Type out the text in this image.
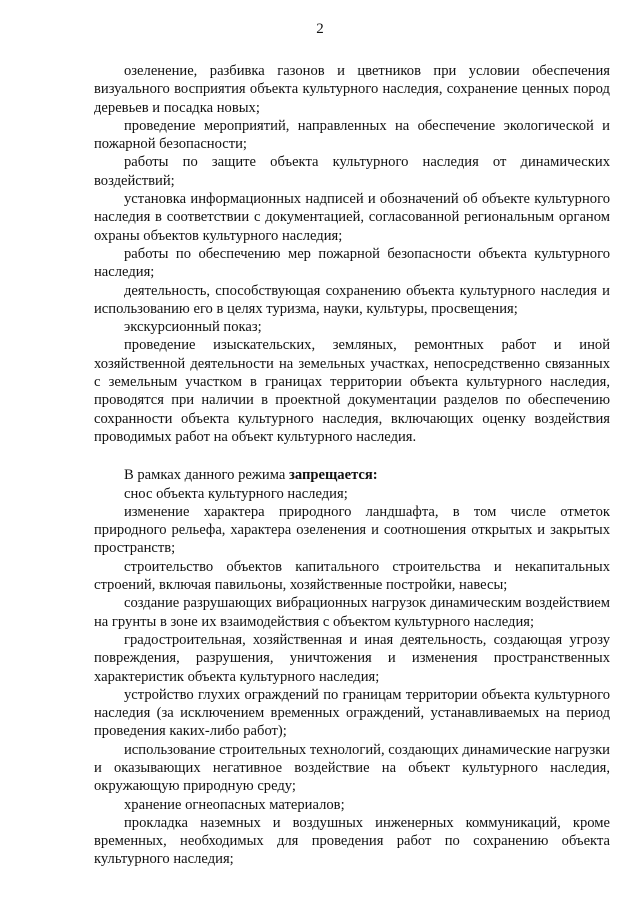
2

озеленение, разбивка газонов и цветников при условии обеспечения визуального восприятия объекта культурного наследия, сохранение ценных пород деревьев и посадка новых;

проведение мероприятий, направленных на обеспечение экологической и пожарной безопасности;

работы по защите объекта культурного наследия от динамических воздействий;

установка информационных надписей и обозначений об объекте культурного наследия в соответствии с документацией, согласованной региональным органом охраны объектов культурного наследия;

работы по обеспечению мер пожарной безопасности объекта культурного наследия;

деятельность, способствующая сохранению объекта культурного наследия и использованию его в целях туризма, науки, культуры, просвещения;

экскурсионный показ;

проведение изыскательских, земляных, ремонтных работ и иной хозяйственной деятельности на земельных участках, непосредственно связанных с земельным участком в границах территории объекта культурного наследия, проводятся при наличии в проектной документации разделов по обеспечению сохранности объекта культурного наследия, включающих оценку воздействия проводимых работ на объект культурного наследия.

В рамках данного режима запрещается:

снос объекта культурного наследия;

изменение характера природного ландшафта, в том числе отметок природного рельефа, характера озеленения и соотношения открытых и закрытых пространств;

строительство объектов капитального строительства и некапитальных строений, включая павильоны, хозяйственные постройки, навесы;

создание разрушающих вибрационных нагрузок динамическим воздействием на грунты в зоне их взаимодействия с объектом культурного наследия;

градостроительная, хозяйственная и иная деятельность, создающая угрозу повреждения, разрушения, уничтожения и изменения пространственных характеристик объекта культурного наследия;

устройство глухих ограждений по границам территории объекта культурного наследия (за исключением временных ограждений, устанавливаемых на период проведения каких-либо работ);

использование строительных технологий, создающих динамические нагрузки и оказывающих негативное воздействие на объект культурного наследия, окружающую природную среду;

хранение огнеопасных материалов;

прокладка наземных и воздушных инженерных коммуникаций, кроме временных, необходимых для проведения работ по сохранению объекта культурного наследия;
